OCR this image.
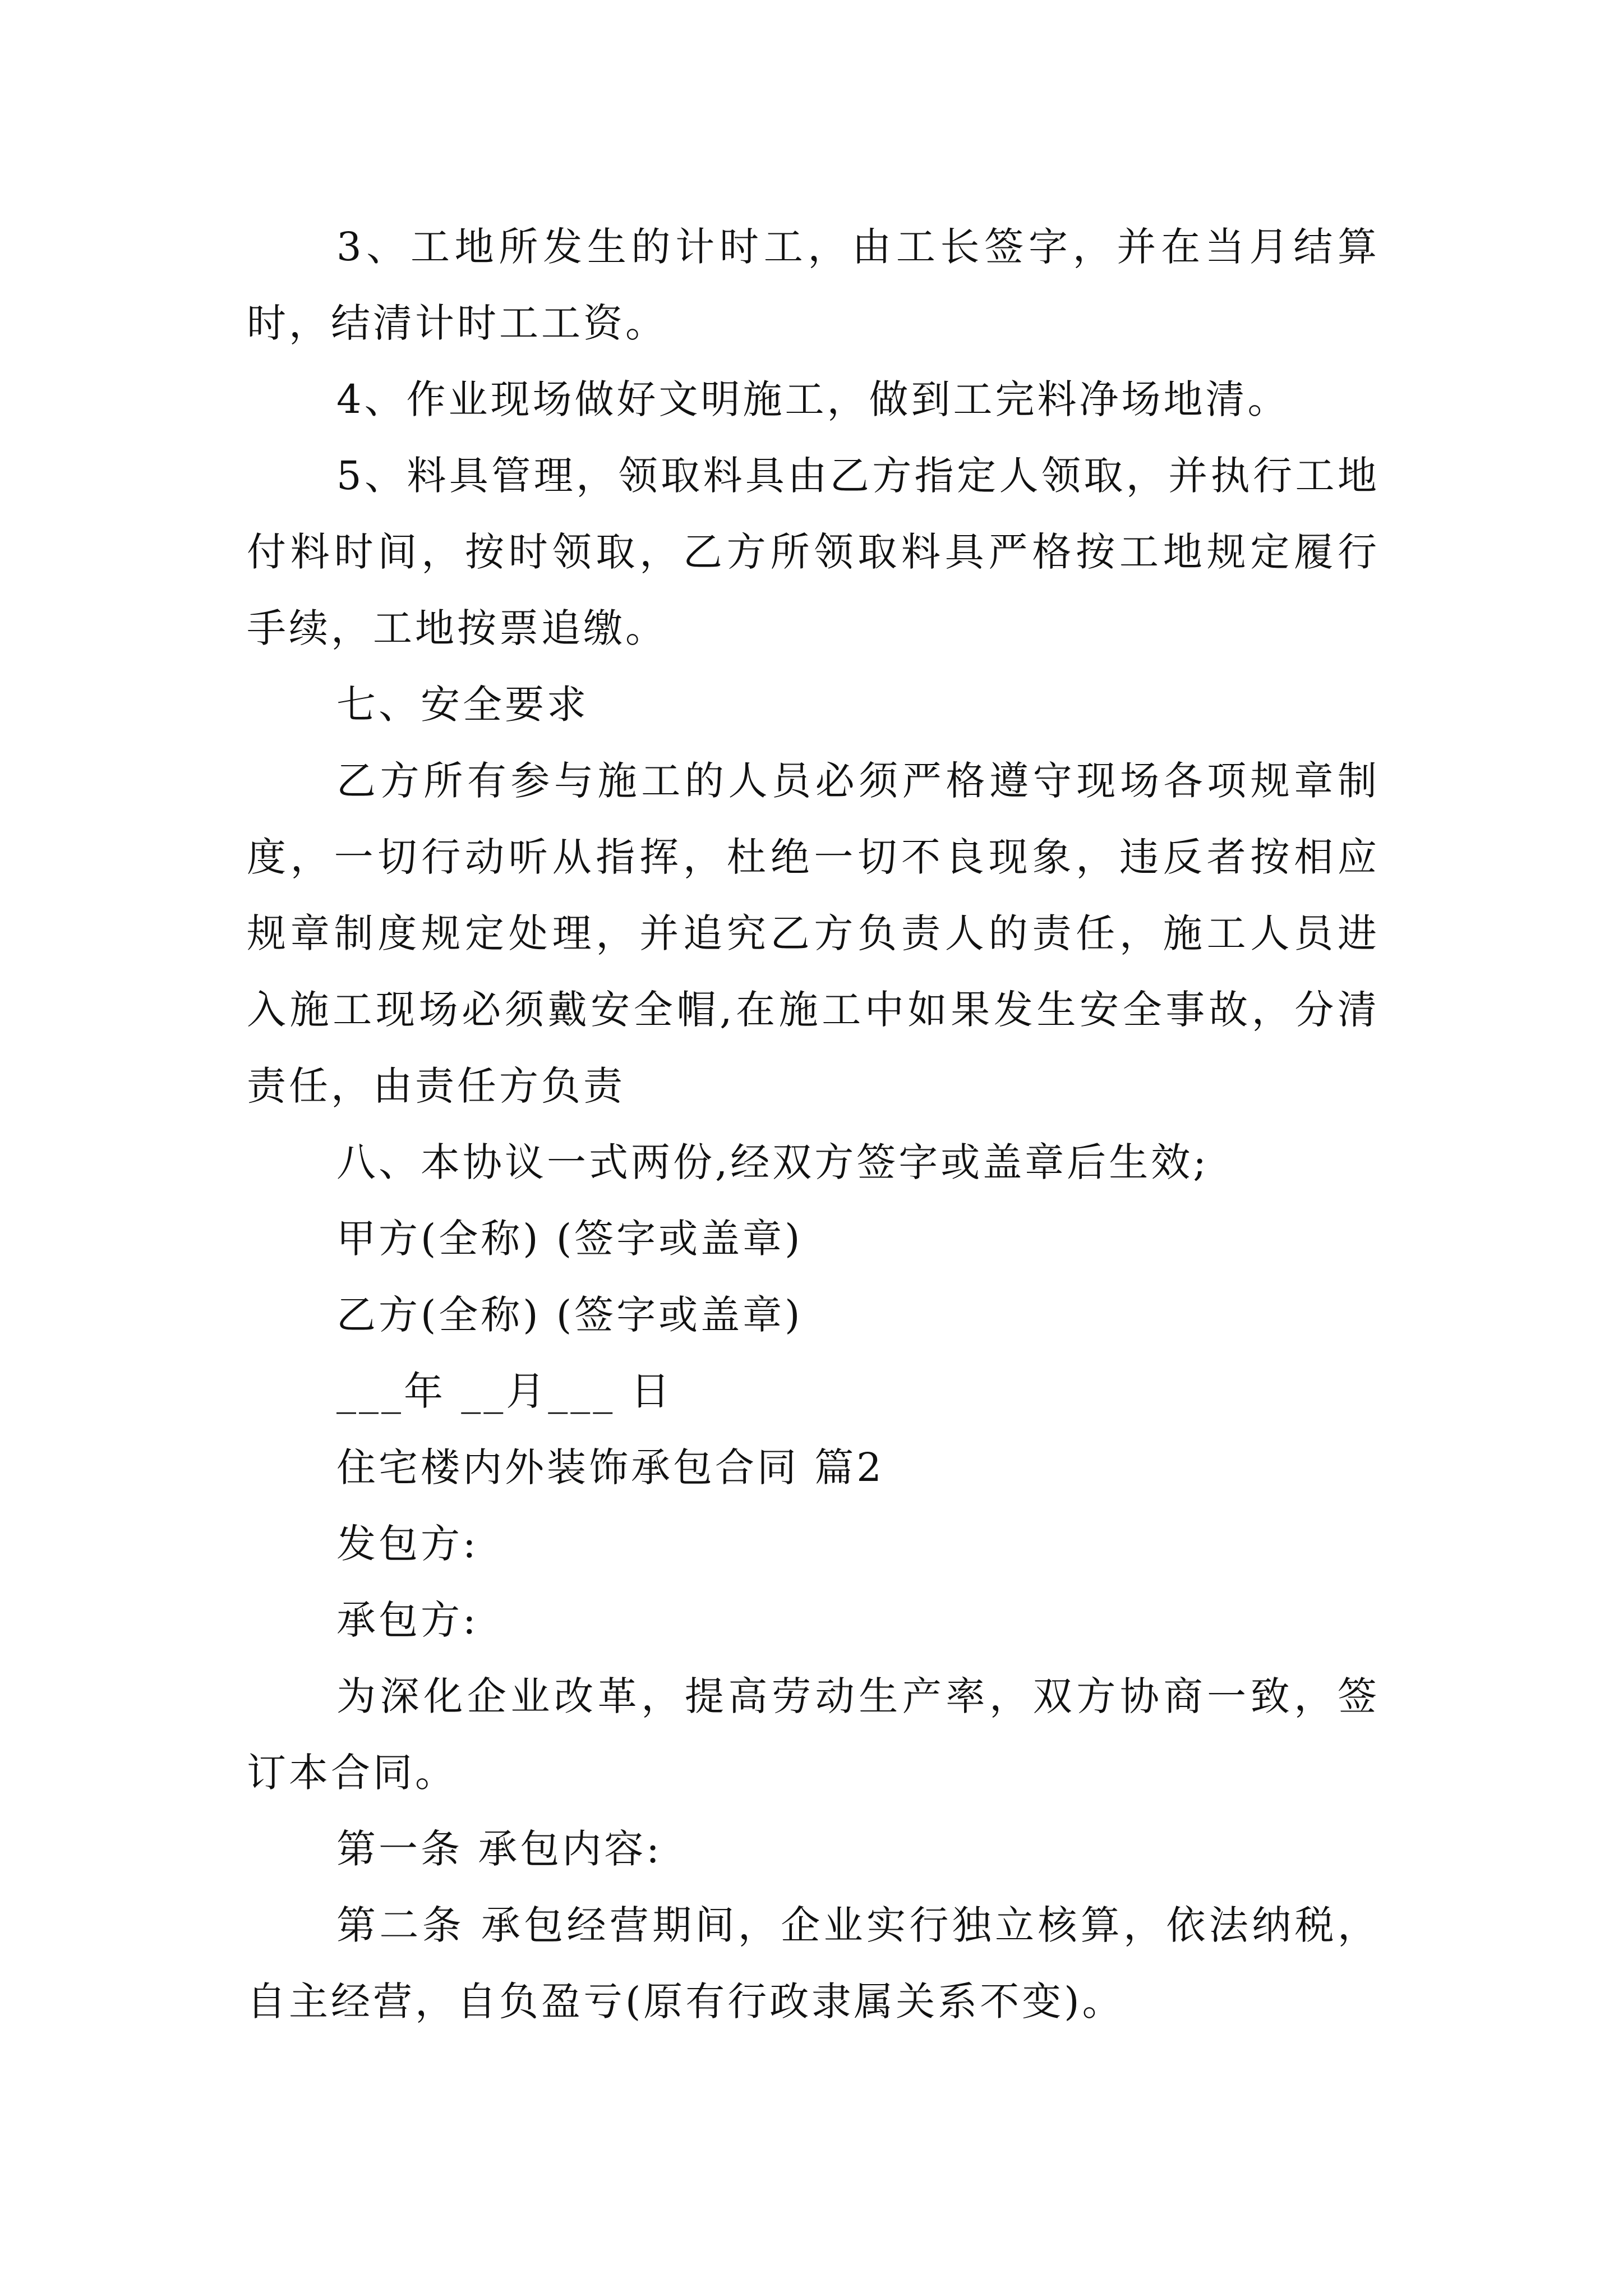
3、工地所发生的计时工，由工长签字，并在当月结算时，结清计时工工资。

4、作业现场做好文明施工，做到工完料净场地清。

5、料具管理，领取料具由乙方指定人领取，并执行工地付料时间，按时领取，乙方所领取料具严格按工地规定履行手续，工地按票追缴。

七、安全要求

乙方所有参与施工的人员必须严格遵守现场各项规章制度，一切行动听从指挥，杜绝一切不良现象，违反者按相应规章制度规定处理，并追究乙方负责人的责任，施工人员进入施工现场必须戴安全帽,在施工中如果发生安全事故，分清责任，由责任方负责

八、本协议一式两份,经双方签字或盖章后生效;

甲方(全称) (签字或盖章)

乙方(全称) (签字或盖章)

___年 __月___ 日

住宅楼内外装饰承包合同 篇2

发包方:

承包方:

为深化企业改革，提高劳动生产率，双方协商一致，签订本合同。

第一条 承包内容:

第二条 承包经营期间，企业实行独立核算，依法纳税，自主经营，自负盈亏(原有行政隶属关系不变)。
